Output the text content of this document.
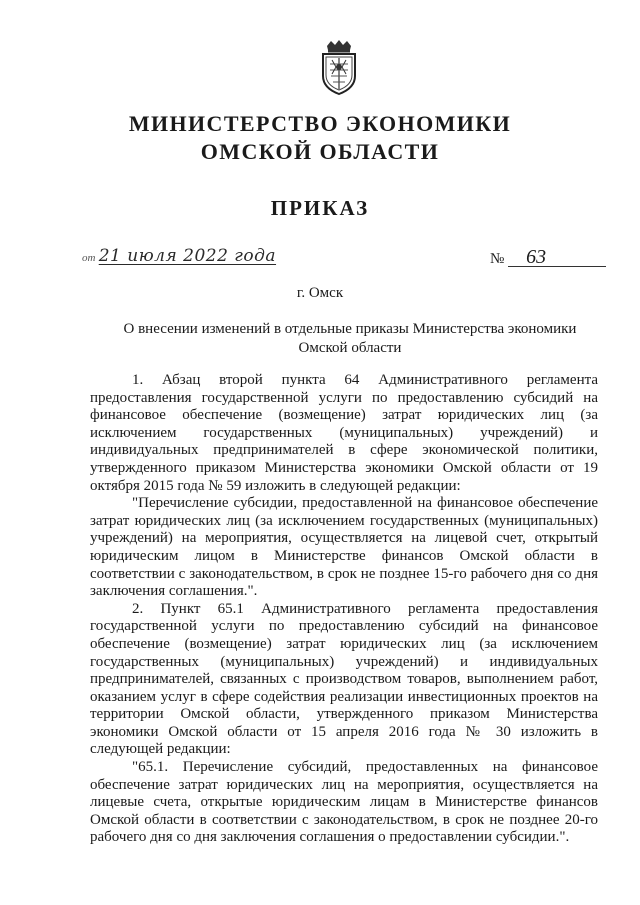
МИНИСТЕРСТВО ЭКОНОМИКИ
ОМСКОЙ ОБЛАСТИ
ПРИКАЗ
от 21 июля 2022 года	№ 63
г. Омск
О внесении изменений в отдельные приказы Министерства экономики
Омской области

1. Абзац второй пункта 64 Административного регламента предоставления государственной услуги по предоставлению субсидий на финансовое обеспечение (возмещение) затрат юридических лиц (за исключением государственных (муниципальных) учреждений) и индивидуальных предпринимателей в сфере экономической политики, утвержденного приказом Министерства экономики Омской области от 19 октября 2015 года № 59 изложить в следующей редакции:

"Перечисление субсидии, предоставленной на финансовое обеспечение затрат юридических лиц (за исключением государственных (муниципальных) учреждений) на мероприятия, осуществляется на лицевой счет, открытый юридическим лицом в Министерстве финансов Омской области в соответствии с законодательством, в срок не позднее 15-го рабочего дня со дня заключения соглашения.".

2. Пункт 65.1 Административного регламента предоставления государственной услуги по предоставлению субсидий на финансовое обеспечение (возмещение) затрат юридических лиц (за исключением государственных (муниципальных) учреждений) и индивидуальных предпринимателей, связанных с производством товаров, выполнением работ, оказанием услуг в сфере содействия реализации инвестиционных проектов на территории Омской области, утвержденного приказом Министерства экономики Омской области от 15 апреля 2016 года № 30 изложить в следующей редакции:

"65.1. Перечисление субсидий, предоставленных на финансовое обеспечение затрат юридических лиц на мероприятия, осуществляется на лицевые счета, открытые юридическим лицам в Министерстве финансов Омской области в соответствии с законодательством, в срок не позднее 20-го рабочего дня со дня заключения соглашения о предоставлении субсидии.".
